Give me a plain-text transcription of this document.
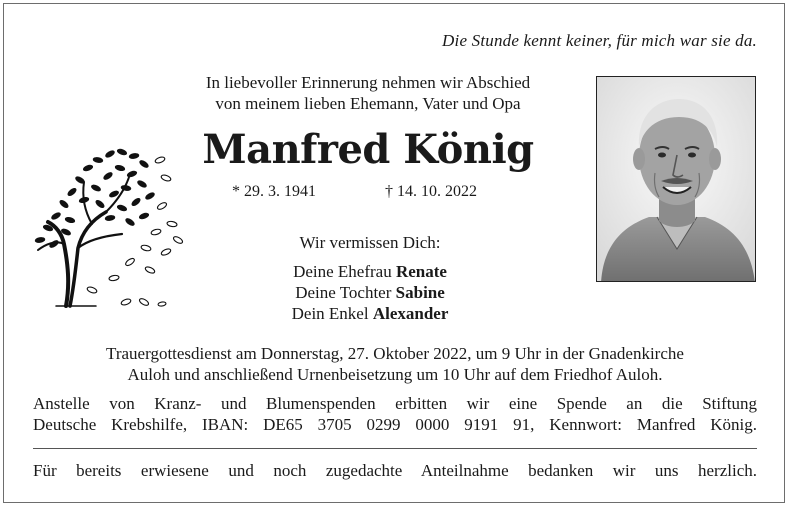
Die Stunde kennt keiner, für mich war sie da.
In liebevoller Erinnerung nehmen wir Abschied
von meinem lieben Ehemann, Vater und Opa
Manfred König
* 29. 3. 1941	† 14. 10. 2022
Wir vermissen Dich:
Deine Ehefrau Renate
Deine Tochter Sabine
Dein Enkel Alexander
Trauergottesdienst am Donnerstag, 27. Oktober 2022, um 9 Uhr in der Gnadenkirche
Auloh und anschließend Urnenbeisetzung um 10 Uhr auf dem Friedhof Auloh.
Anstelle von Kranz- und Blumenspenden erbitten wir eine Spende an die Stiftung
Deutsche Krebshilfe, IBAN: DE65 3705 0299 0000 9191 91, Kennwort: Manfred König.
Für bereits erwiesene und noch zugedachte Anteilnahme bedanken wir uns herzlich.
